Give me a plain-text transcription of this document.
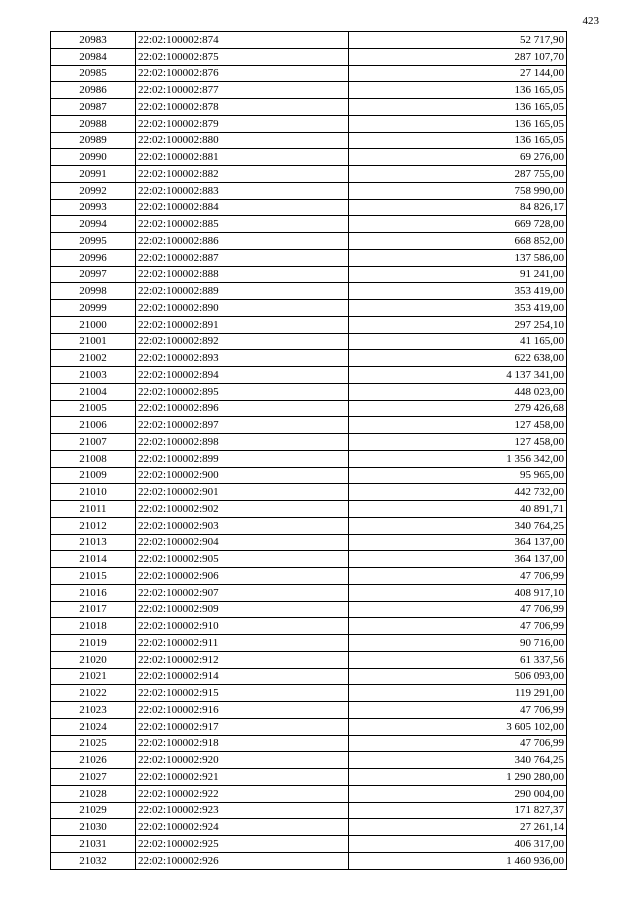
423
20983	22:02:100002:874	52 717,90
20984	22:02:100002:875	287 107,70
20985	22:02:100002:876	27 144,00
20986	22:02:100002:877	136 165,05
20987	22:02:100002:878	136 165,05
20988	22:02:100002:879	136 165,05
20989	22:02:100002:880	136 165,05
20990	22:02:100002:881	69 276,00
20991	22:02:100002:882	287 755,00
20992	22:02:100002:883	758 990,00
20993	22:02:100002:884	84 826,17
20994	22:02:100002:885	669 728,00
20995	22:02:100002:886	668 852,00
20996	22:02:100002:887	137 586,00
20997	22:02:100002:888	91 241,00
20998	22:02:100002:889	353 419,00
20999	22:02:100002:890	353 419,00
21000	22:02:100002:891	297 254,10
21001	22:02:100002:892	41 165,00
21002	22:02:100002:893	622 638,00
21003	22:02:100002:894	4 137 341,00
21004	22:02:100002:895	448 023,00
21005	22:02:100002:896	279 426,68
21006	22:02:100002:897	127 458,00
21007	22:02:100002:898	127 458,00
21008	22:02:100002:899	1 356 342,00
21009	22:02:100002:900	95 965,00
21010	22:02:100002:901	442 732,00
21011	22:02:100002:902	40 891,71
21012	22:02:100002:903	340 764,25
21013	22:02:100002:904	364 137,00
21014	22:02:100002:905	364 137,00
21015	22:02:100002:906	47 706,99
21016	22:02:100002:907	408 917,10
21017	22:02:100002:909	47 706,99
21018	22:02:100002:910	47 706,99
21019	22:02:100002:911	90 716,00
21020	22:02:100002:912	61 337,56
21021	22:02:100002:914	506 093,00
21022	22:02:100002:915	119 291,00
21023	22:02:100002:916	47 706,99
21024	22:02:100002:917	3 605 102,00
21025	22:02:100002:918	47 706,99
21026	22:02:100002:920	340 764,25
21027	22:02:100002:921	1 290 280,00
21028	22:02:100002:922	290 004,00
21029	22:02:100002:923	171 827,37
21030	22:02:100002:924	27 261,14
21031	22:02:100002:925	406 317,00
21032	22:02:100002:926	1 460 936,00
